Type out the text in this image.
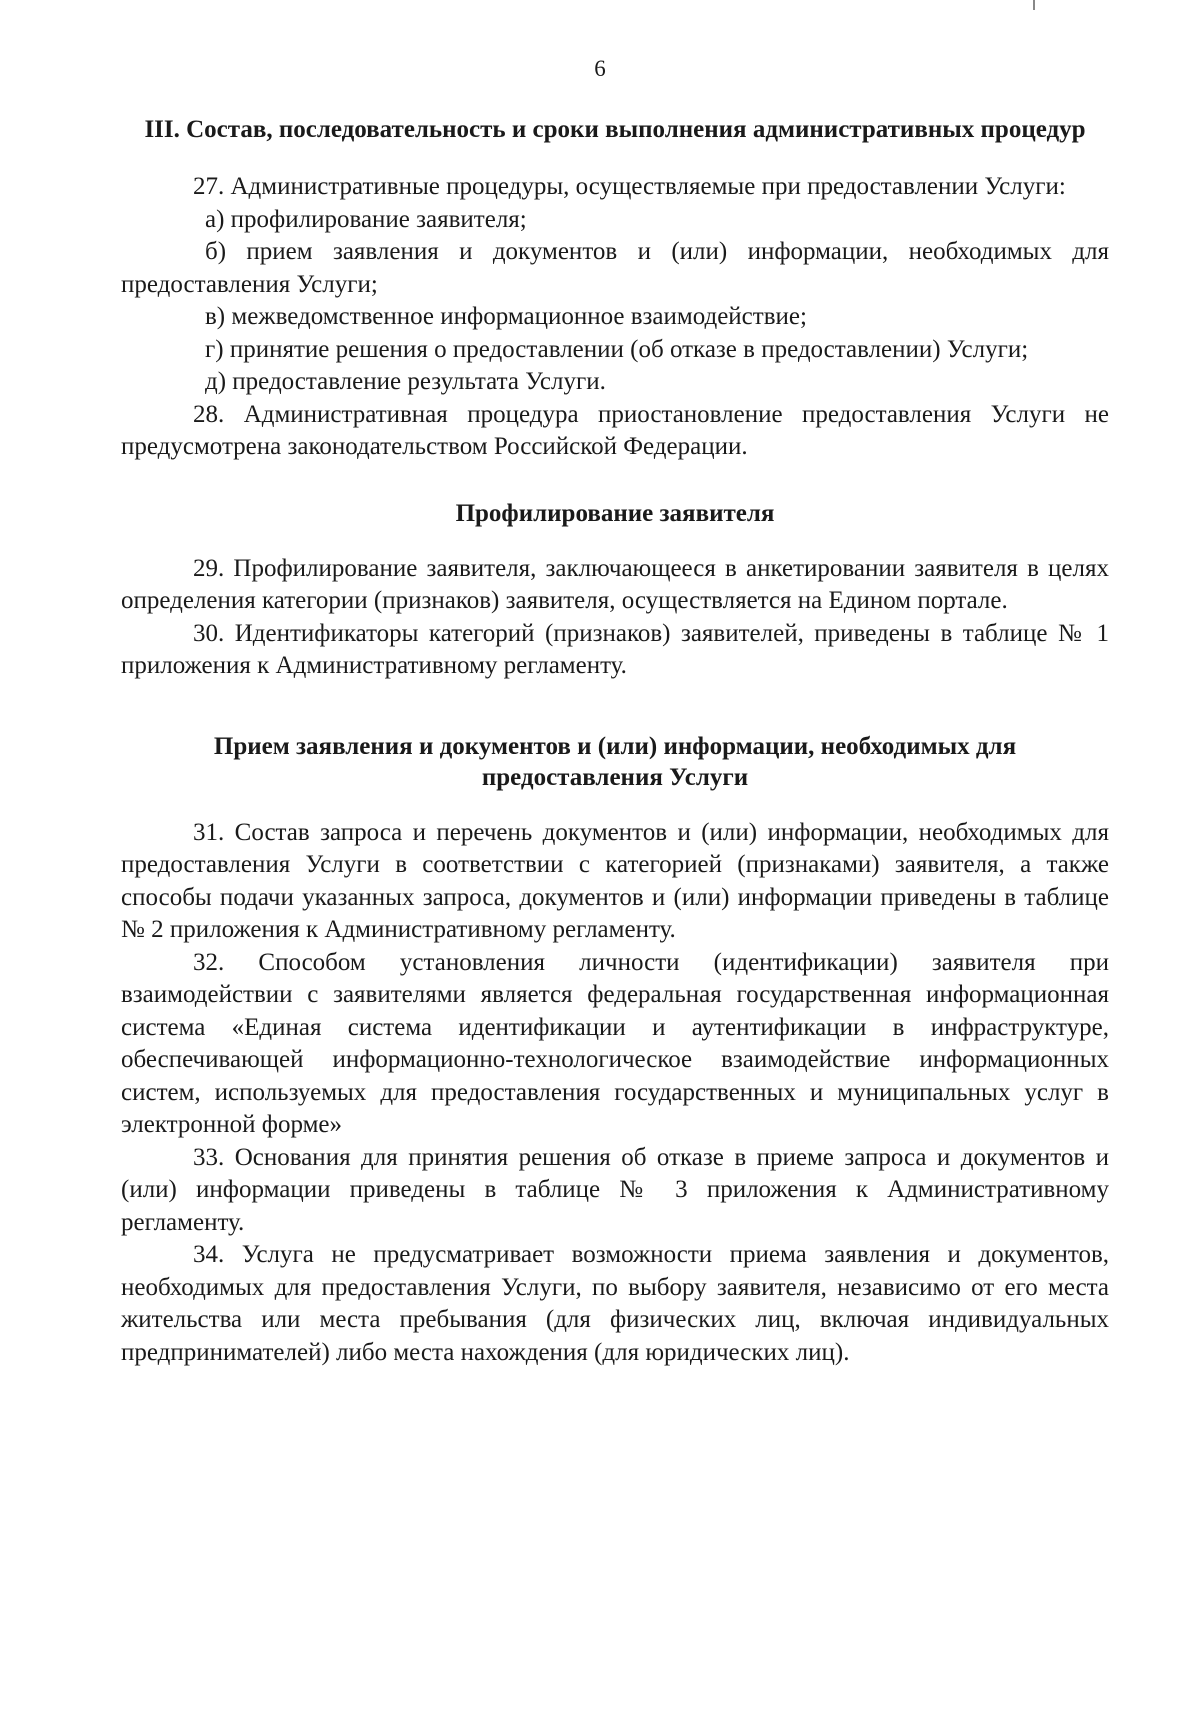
6
III. Состав, последовательность и сроки выполнения административных процедур

27. Административные процедуры, осуществляемые при предоставлении Услуги:

а) профилирование заявителя;

б) прием заявления и документов и (или) информации, необходимых для предоставления Услуги;

в) межведомственное информационное взаимодействие;

г) принятие решения о предоставлении (об отказе в предоставлении) Услуги;

д) предоставление результата Услуги.

28. Административная процедура приостановление предоставления Услуги не предусмотрена законодательством Российской Федерации.

Профилирование заявителя

29. Профилирование заявителя, заключающееся в анкетировании заявителя в целях определения категории (признаков) заявителя, осуществляется на Едином портале.

30. Идентификаторы категорий (признаков) заявителей, приведены в таблице № 1 приложения к Административному регламенту.

Прием заявления и документов и (или) информации, необходимых для предоставления Услуги

31. Состав запроса и перечень документов и (или) информации, необходимых для предоставления Услуги в соответствии с категорией (признаками) заявителя, а также способы подачи указанных запроса, документов и (или) информации приведены в таблице № 2 приложения к Административному регламенту.

32. Способом установления личности (идентификации) заявителя при взаимодействии с заявителями является федеральная государственная информационная система «Единая система идентификации и аутентификации в инфраструктуре, обеспечивающей информационно-технологическое взаимодействие информационных систем, используемых для предоставления государственных и муниципальных услуг в электронной форме»

33. Основания для принятия решения об отказе в приеме запроса и документов и (или) информации приведены в таблице № 3 приложения к Административному регламенту.

34. Услуга не предусматривает возможности приема заявления и документов, необходимых для предоставления Услуги, по выбору заявителя, независимо от его места жительства или места пребывания (для физических лиц, включая индивидуальных предпринимателей) либо места нахождения (для юридических лиц).
